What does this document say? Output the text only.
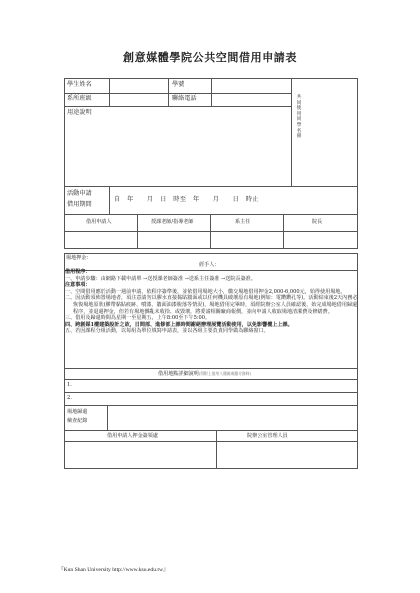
創意媒體學院公共空間借用申請表
學生姓名	學號
系所班級	聯絡電話
用途說明
共同使用同學名冊
活動申請
借用期間
自　年　　月　日　時至　年　　月　　日　時止
借用申請人	授課老師/指導老師	系主任	院長
場地押金：
經手人：
借用程序：
一、申請步驟：由網路下載申請單 →送授課老師簽准 →送系主任簽准 →送院長簽准。
注意事項：
一、空間借用應於活動一週前申請，依程序簽準後，並依借用場地大小，繳交場地借用押金2,000-6,000元，始得使用場地。
二、因活動須佈置場地者，須注意請勿以膠水直接黏貼牆面或以任何機具破壞原有場地(例如：電鑽鑽孔等)。活動結束後2天內務必恢復場地原狀(膠帶黏貼痕跡、噴漆、牆面油漆脫落等情況)，場地借用完畢時，須經院辦公室人員確認後，始完成場地借用歸還程序，並退還押金，但若有場地髒亂未收拾、或毀壞，將委請相關廠商報價，並向申請人收取場地清潔費及修繕費。
三、借用及歸還時間為星期一至星期五，上午8:00至下午5:00。
四、跨創媒1樓建築設計之故，日間部、進修部上課時間謝絕辦理展覽活動使用，以免影響樓上上課。
五、若因課程分組活動，以每組為單位填寫申請表，並以各組主要負責同學做為聯絡窗口。
借用地點詳細說明(得附上借用人簡報或簡介資料)
1.
2.
場地歸還
檢查紀錄
借用申請人押金簽領處	院辦公室管理人員
『Kun Shan University http://www.ksu.edu.tw』
